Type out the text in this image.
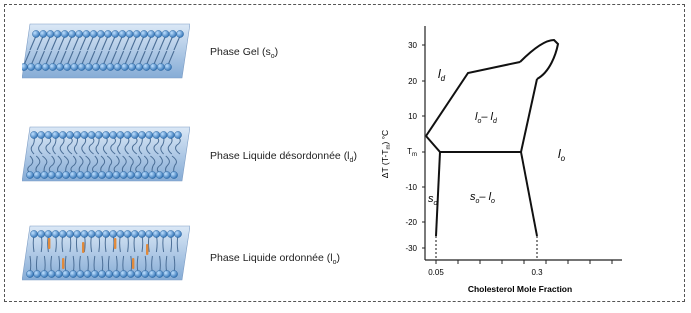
Phase Gel $(s_o)$
Phase Liquide désordonnée $(l_d)$
Phase Liquide ordonnée $(l_o)$
30
20
10
$T_m$
-10
-20
-30
0.05	0.3
Cholesterol Mole Fraction
ΔT $(T-T_m)$ °C
$l_d$
$l_o-$ $l_d$
$l_o$
$s_o$
$s_o-$ $l_o$
